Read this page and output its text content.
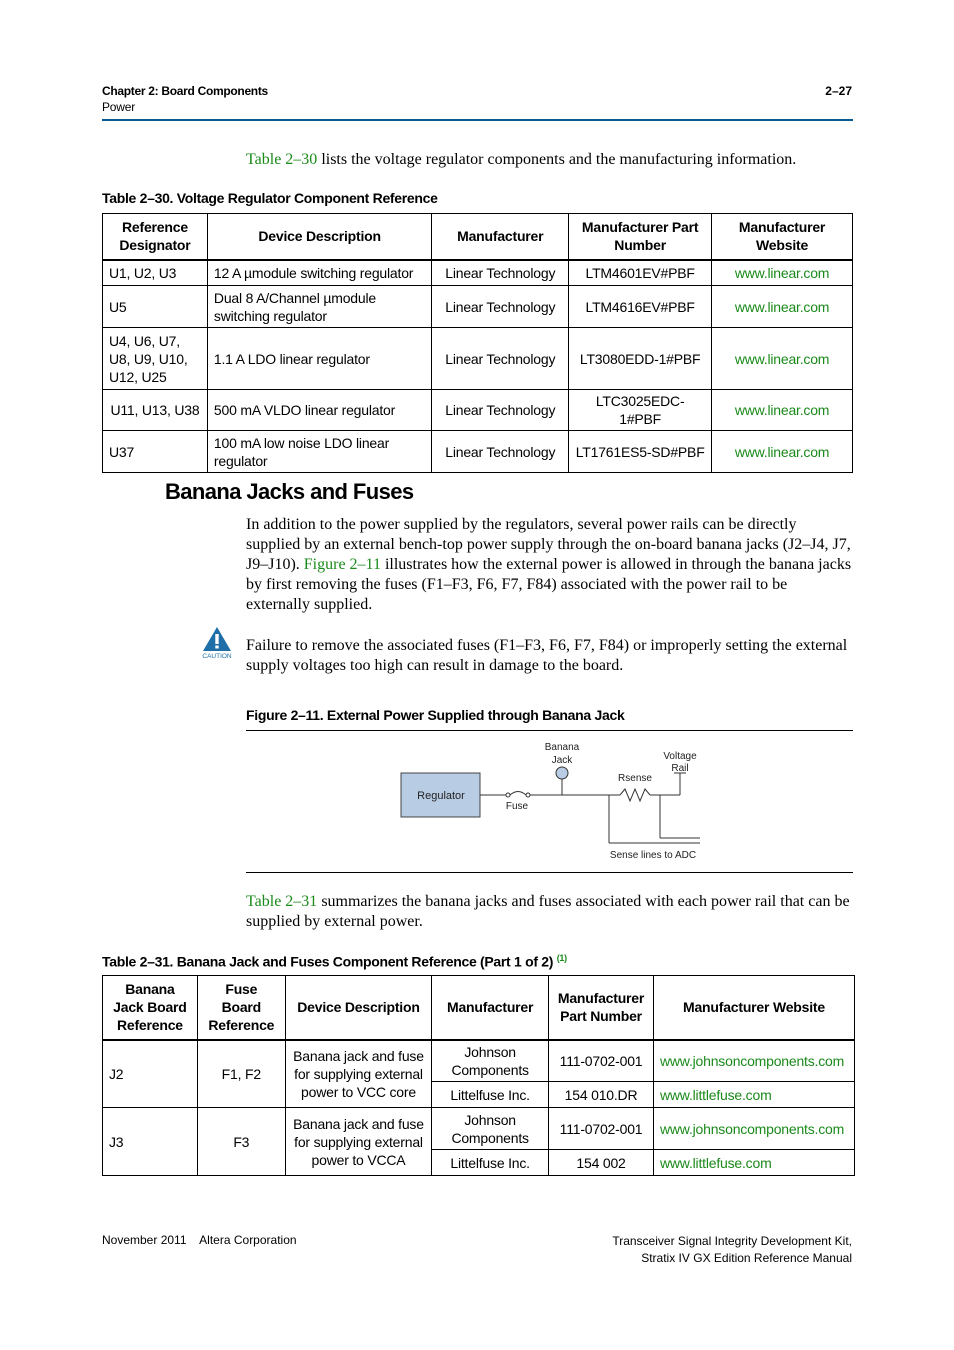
Chapter 2: Board Components
Power
2–27
Table 2–30 lists the voltage regulator components and the manufacturing information.
Table 2–30. Voltage Regulator Component Reference
Reference Designator	Device Description	Manufacturer	Manufacturer Part Number	Manufacturer Website
U1, U2, U3	12 A µmodule switching regulator	Linear Technology	LTM4601EV#PBF	www.linear.com
U5	Dual 8 A/Channel µmodule switching regulator	Linear Technology	LTM4616EV#PBF	www.linear.com
U4, U6, U7, U8, U9, U10, U12, U25	1.1 A LDO linear regulator	Linear Technology	LT3080EDD-1#PBF	www.linear.com
U11, U13, U38	500 mA VLDO linear regulator	Linear Technology	LTC3025EDC-1#PBF	www.linear.com
U37	100 mA low noise LDO linear regulator	Linear Technology	LT1761ES5-SD#PBF	www.linear.com
Banana Jacks and Fuses
In addition to the power supplied by the regulators, several power rails can be directly supplied by an external bench-top power supply through the on-board banana jacks (J2–J4, J7, J9–J10). Figure 2–11 illustrates how the external power is allowed in through the banana jacks by first removing the fuses (F1–F3, F6, F7, F84) associated with the power rail to be externally supplied.
CAUTION
Failure to remove the associated fuses (F1–F3, F6, F7, F84) or improperly setting the external supply voltages too high can result in damage to the board.
Figure 2–11. External Power Supplied through Banana Jack
Regulator
Fuse
Banana
Jack
Rsense
Voltage
Rail
Sense lines to ADC
Table 2–31 summarizes the banana jacks and fuses associated with each power rail that can be supplied by external power.
Table 2–31. Banana Jack and Fuses Component Reference (Part 1 of 2) $^{(1)}$
Banana Jack Board Reference	Fuse Board Reference	Device Description	Manufacturer	Manufacturer Part Number	Manufacturer Website
J2	F1, F2	Banana jack and fuse for supplying external power to VCC core	Johnson Components	111-0702-001	www.johnsoncomponents.com
			Littelfuse Inc.	154 010.DR	www.littlefuse.com
J3	F3	Banana jack and fuse for supplying external power to VCCA	Johnson Components	111-0702-001	www.johnsoncomponents.com
			Littelfuse Inc.	154 002	www.littlefuse.com
November 2011    Altera Corporation	Transceiver Signal Integrity Development Kit,
Stratix IV GX Edition Reference Manual
